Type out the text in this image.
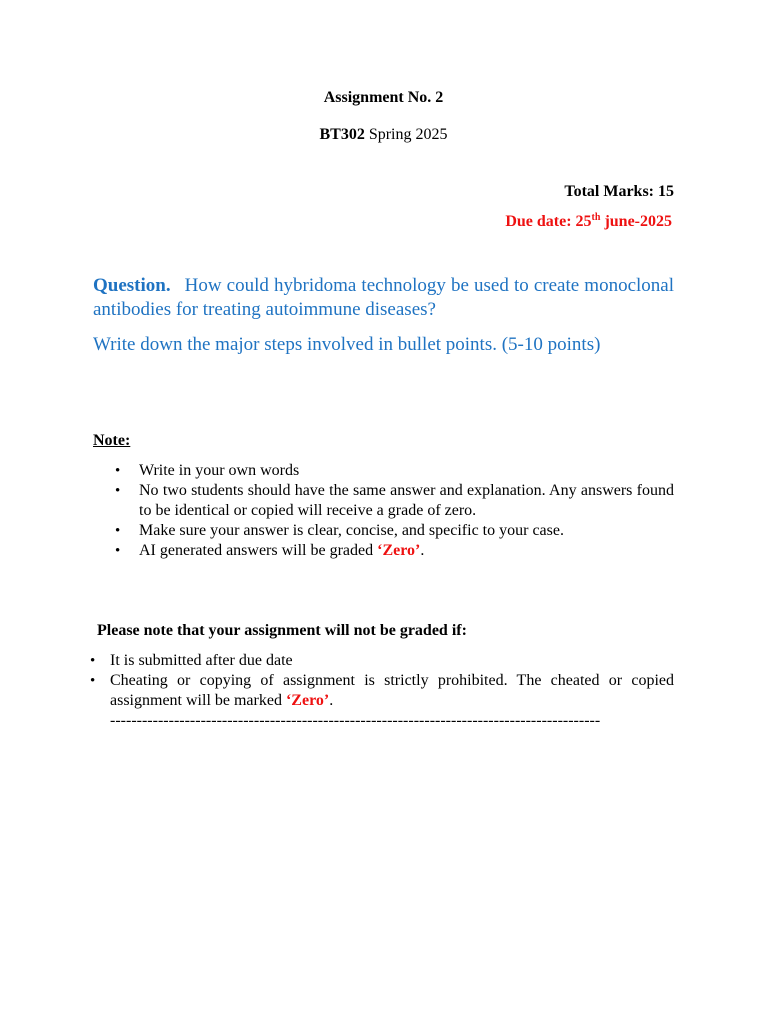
Assignment No. 2
BT302 Spring 2025
Total Marks: 15
Due date: 25th june-2025
Question. How could hybridoma technology be used to create monoclonal antibodies for treating autoimmune diseases?
Write down the major steps involved in bullet points. (5-10 points)
Note:
• Write in your own words
• No two students should have the same answer and explanation. Any answers found to be identical or copied will receive a grade of zero.
• Make sure your answer is clear, concise, and specific to your case.
• AI generated answers will be graded ‘Zero’.
Please note that your assignment will not be graded if:
• It is submitted after due date
• Cheating or copying of assignment is strictly prohibited. The cheated or copied assignment will be marked ‘Zero’.
--------------------------------------------------------------------------------------------
